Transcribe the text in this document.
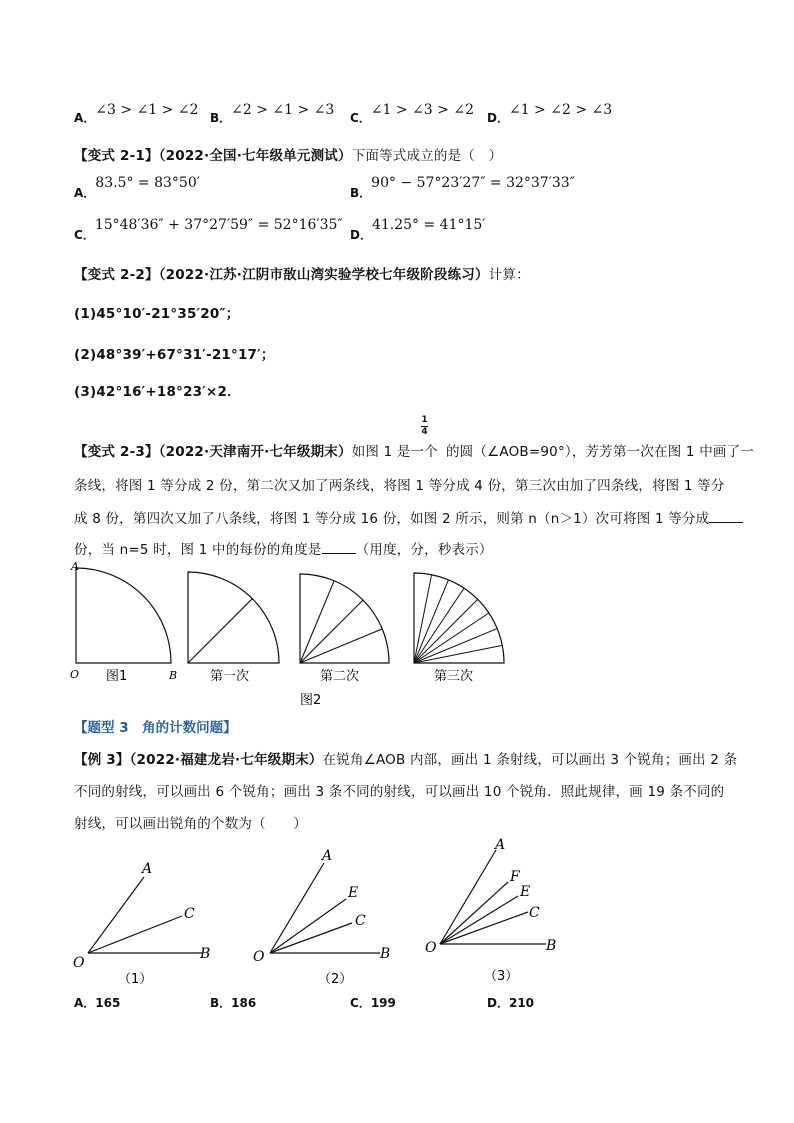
A．∠3 > ∠1 > ∠2 B．∠2 > ∠1 > ∠3 C．∠1 > ∠3 > ∠2 D．∠1 > ∠2 > ∠3
【变式 2-1】（2022·全国·七年级单元测试）下面等式成立的是（　）
A．83.5° = 83°50′
B．90° − 57°23′27″ = 32°37′33″
C．15°48′36″ + 37°27′59″ = 52°16′35″
D．41.25° = 41°15′
【变式 2-2】（2022·江苏·江阴市敔山湾实验学校七年级阶段练习）计算：
(1)45°10′-21°35′20″；
(2)48°39′+67°31′-21°17′；
(3)42°16′+18°23′×2．
【变式 2-3】（2022·天津南开·七年级期末）如图 1 是一个 的圆（∠AOB=90°），芳芳第一次在图 1 中画了一
1
4
条线，将图 1 等分成 2 份，第二次又加了两条线，将图 1 等分成 4 份，第三次由加了四条线，将图 1 等分
成 8 份，第四次又加了八条线，将图 1 等分成 16 份，如图 2 所示，则第 n（n＞1）次可将图 1 等分成
份，当 n=5 时，图 1 中的每份的角度是	（用度，分，秒表示）
A
O	B
图1	第一次	第二次	第三次
图2
【题型 3　角的计数问题】
【例 3】（2022·福建龙岩·七年级期末）在锐角∠AOB 内部，画出 1 条射线，可以画出 3 个锐角；画出 2 条
不同的射线，可以画出 6 个锐角；画出 3 条不同的射线，可以画出 10 个锐角．照此规律，画 19 条不同的
射线，可以画出锐角的个数为（　　）
A
C
O
B
（1）
A
E
C
O	B
（2）
A
F
E
C
O	B
（3）
A．165	B．186	C．199	D．210
